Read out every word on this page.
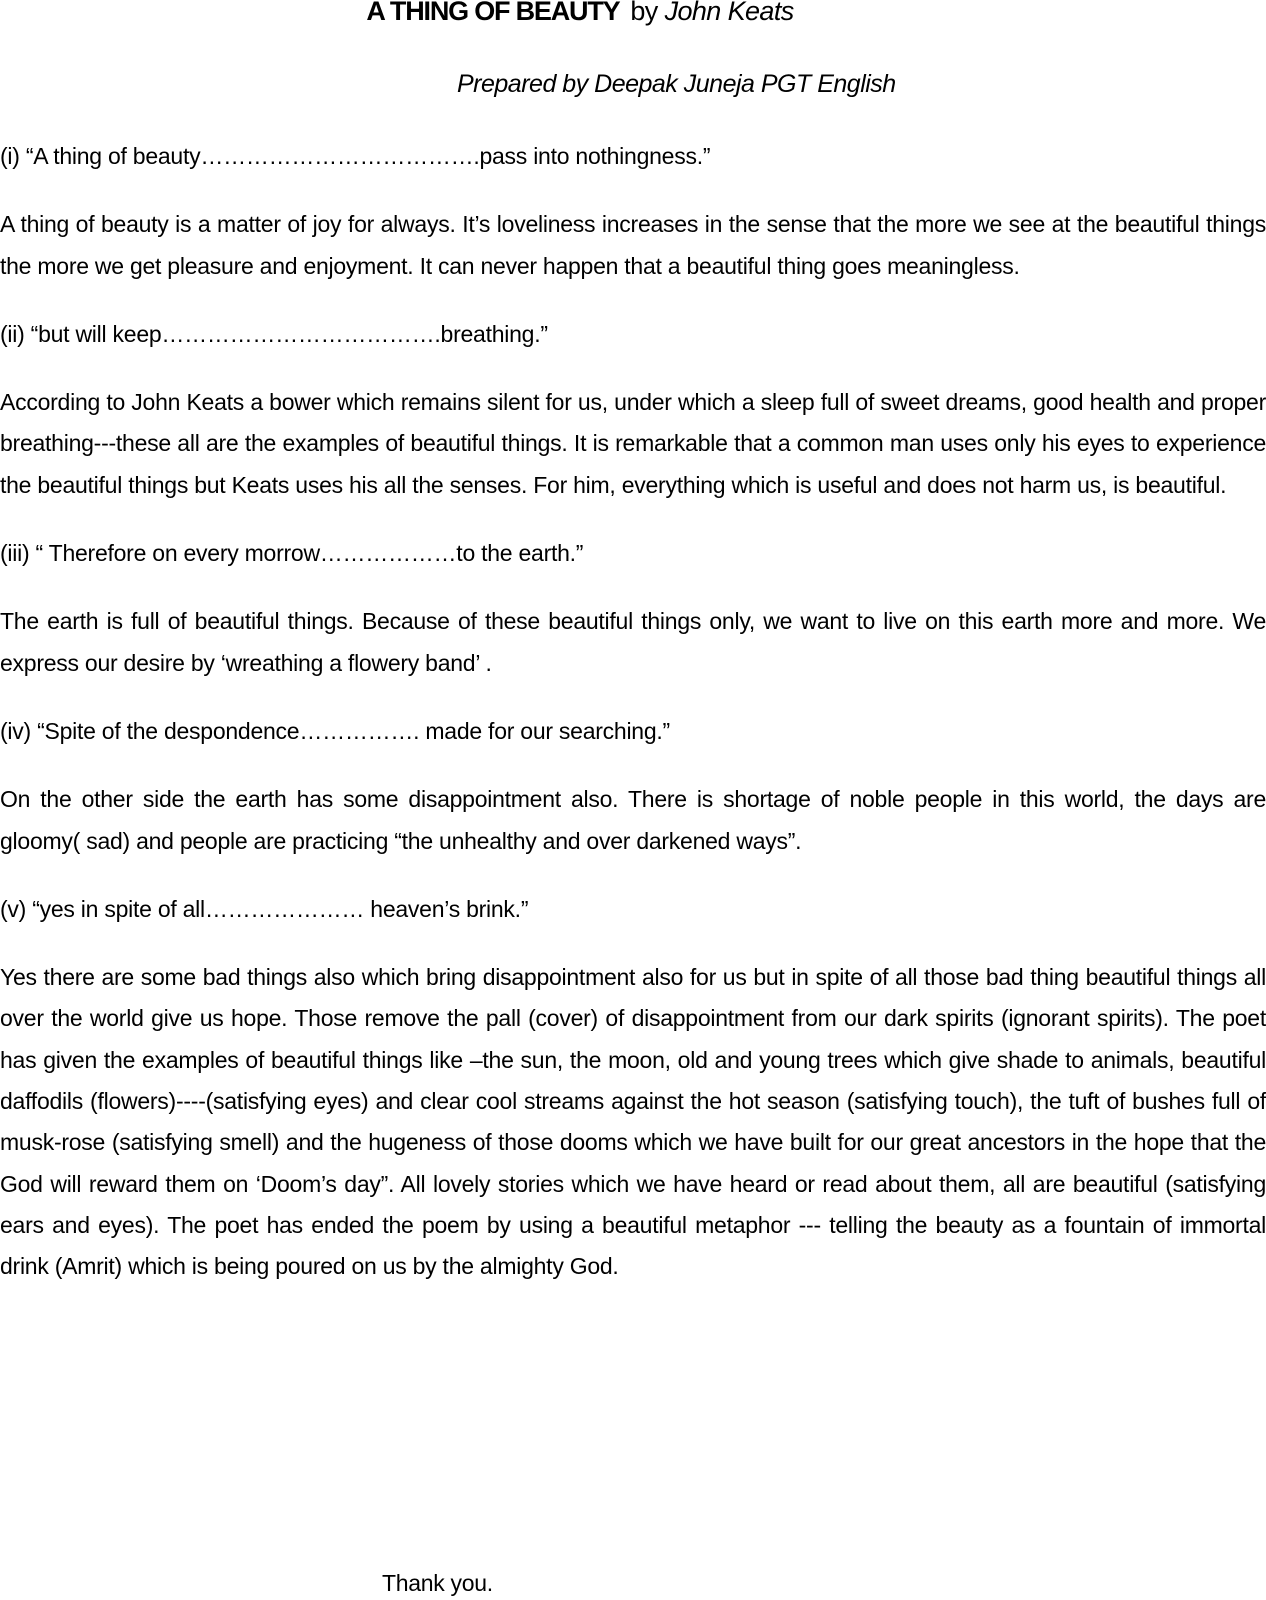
A THING OF BEAUTY by John Keats
Prepared by Deepak Juneja PGT English

(i) “A thing of beauty……………………………….pass into nothingness.”

A thing of beauty is a matter of joy for always. It’s loveliness increases in the sense that the more we see at the beautiful things the more we get pleasure and enjoyment. It can never happen that a beautiful thing goes meaningless.

(ii) “but will keep……………………………….breathing.”

According to John Keats a bower which remains silent for us, under which a sleep full of sweet dreams, good health and proper breathing---these all are the examples of beautiful things. It is remarkable that a common man uses only his eyes to experience the beautiful things but Keats uses his all the senses. For him, everything which is useful and does not harm us, is beautiful.

(iii) “ Therefore on every morrow………………to the earth.”

The earth is full of beautiful things. Because of these beautiful things only, we want to live on this earth more and more. We express our desire by ‘wreathing a flowery band’ .

(iv) “Spite of the despondence……………. made for our searching.”

On the other side the earth has some disappointment also. There is shortage of noble people in this world, the days are gloomy( sad) and people are practicing “the unhealthy and over darkened ways”.

(v) “yes in spite of all………………… heaven’s brink.”

Yes there are some bad things also which bring disappointment also for us but in spite of all those bad thing beautiful things all over the world give us hope. Those remove the pall (cover) of disappointment from our dark spirits (ignorant spirits). The poet has given the examples of beautiful things like –the sun, the moon, old and young trees which give shade to animals, beautiful daffodils (flowers)----(satisfying eyes) and clear cool streams against the hot season (satisfying touch), the tuft of bushes full of musk-rose (satisfying smell) and the hugeness of those dooms which we have built for our great ancestors in the hope that the God will reward them on ‘Doom’s day”. All lovely stories which we have heard or read about them, all are beautiful (satisfying ears and eyes). The poet has ended the poem by using a beautiful metaphor --- telling the beauty as a fountain of immortal drink (Amrit) which is being poured on us by the almighty God.

Thank you.
